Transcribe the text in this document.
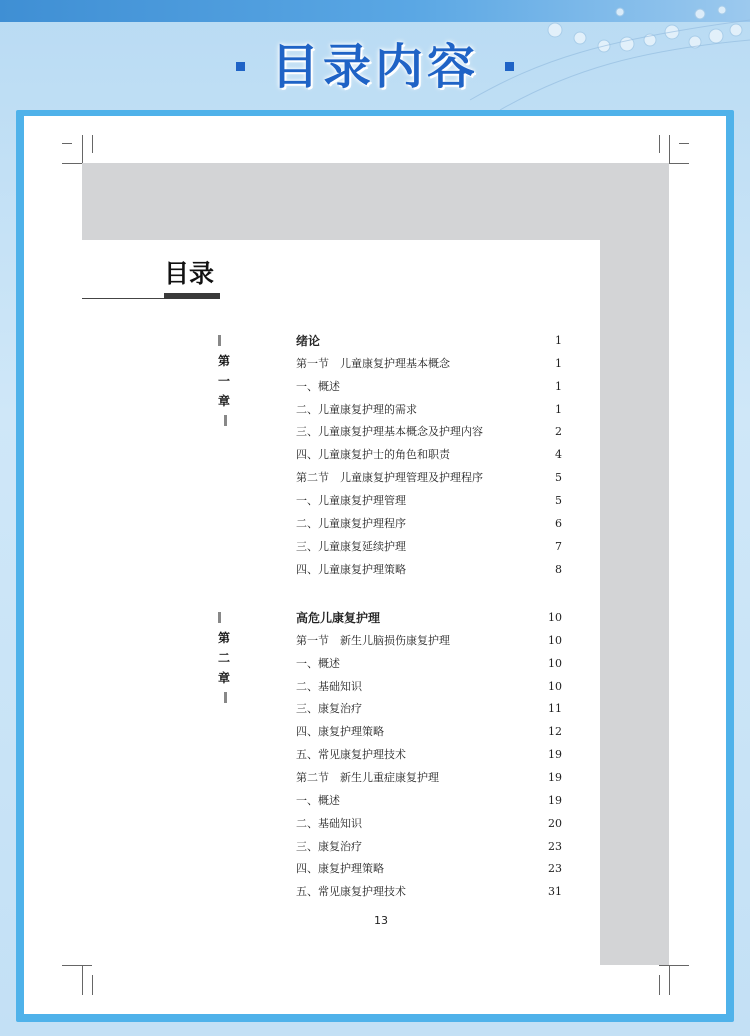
目录内容
目录
第一章
绪论	1
第一节　儿童康复护理基本概念	1
一、概述	1
二、儿童康复护理的需求	1
三、儿童康复护理基本概念及护理内容	2
四、儿童康复护士的角色和职责	4
第二节　儿童康复护理管理及护理程序	5
一、儿童康复护理管理	5
二、儿童康复护理程序	6
三、儿童康复延续护理	7
四、儿童康复护理策略	8
第二章
高危儿康复护理	10
第一节　新生儿脑损伤康复护理	10
一、概述	10
二、基础知识	10
三、康复治疗	11
四、康复护理策略	12
五、常见康复护理技术	19
第二节　新生儿重症康复护理	19
一、概述	19
二、基础知识	20
三、康复治疗	23
四、康复护理策略	23
五、常见康复护理技术	31
13
